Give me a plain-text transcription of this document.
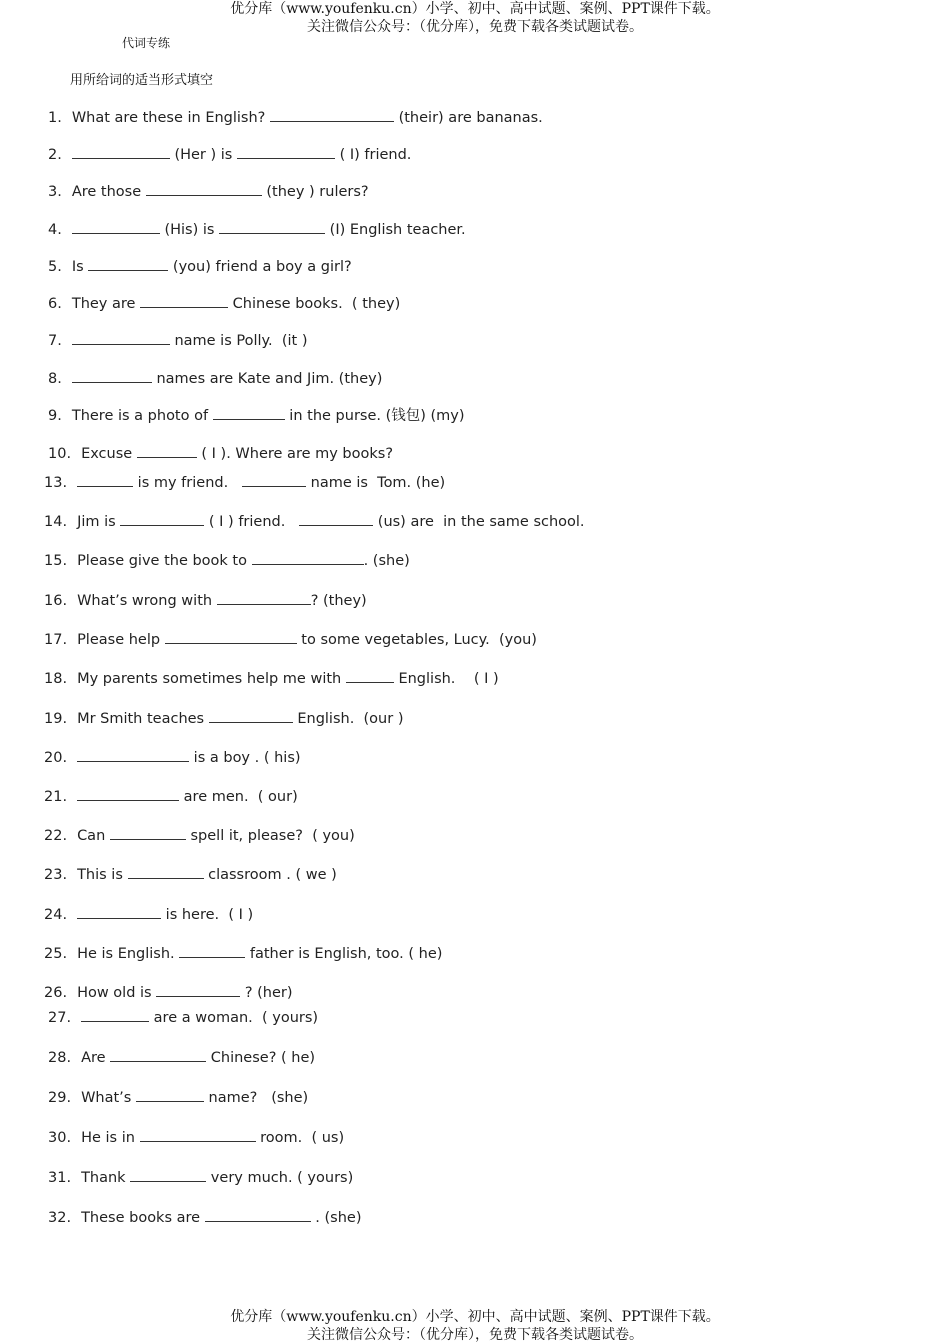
优分库（www.youfenku.cn）小学、初中、高中试题、案例、PPT课件下载。
关注微信公众号：（优分库），免费下载各类试题试卷。
代词专练
用所给词的适当形式填空
1. What are these in English?	(their) are bananas.
2.	(Her ) is	( I) friend.
3. Are those	(they ) rulers?
4.	(His) is	(I) English teacher.
5. Is	(you) friend a boy a girl?
6. They are	Chinese books.  ( they)
7.	name is Polly.  (it )
8.	names are Kate and Jim. (they)
9. There is a photo of	in the purse. (钱包) (my)
10. Excuse	( I ). Where are my books?
13.	is my friend.	name is  Tom. (he)
14. Jim is	( I ) friend.	(us) are  in the same school.
15. Please give the book to	. (she)
16. What’s wrong with	? (they)
17. Please help	to some vegetables, Lucy.  (you)
18. My parents sometimes help me with	English.    ( I )
19. Mr Smith teaches	English.  (our )
20.	is a boy . ( his)
21.	are men.  ( our)
22. Can	spell it, please?  ( you)
23. This is	classroom . ( we )
24.	is here.  ( I )
25. He is English.	father is English, too. ( he)
26. How old is	? (her)
27.	are a woman.  ( yours)
28. Are	Chinese? ( he)
29. What’s	name?   (she)
30. He is in	room.  ( us)
31. Thank	very much. ( yours)
32. These books are	. (she)
优分库（www.youfenku.cn）小学、初中、高中试题、案例、PPT课件下载。
关注微信公众号：（优分库），免费下载各类试题试卷。
